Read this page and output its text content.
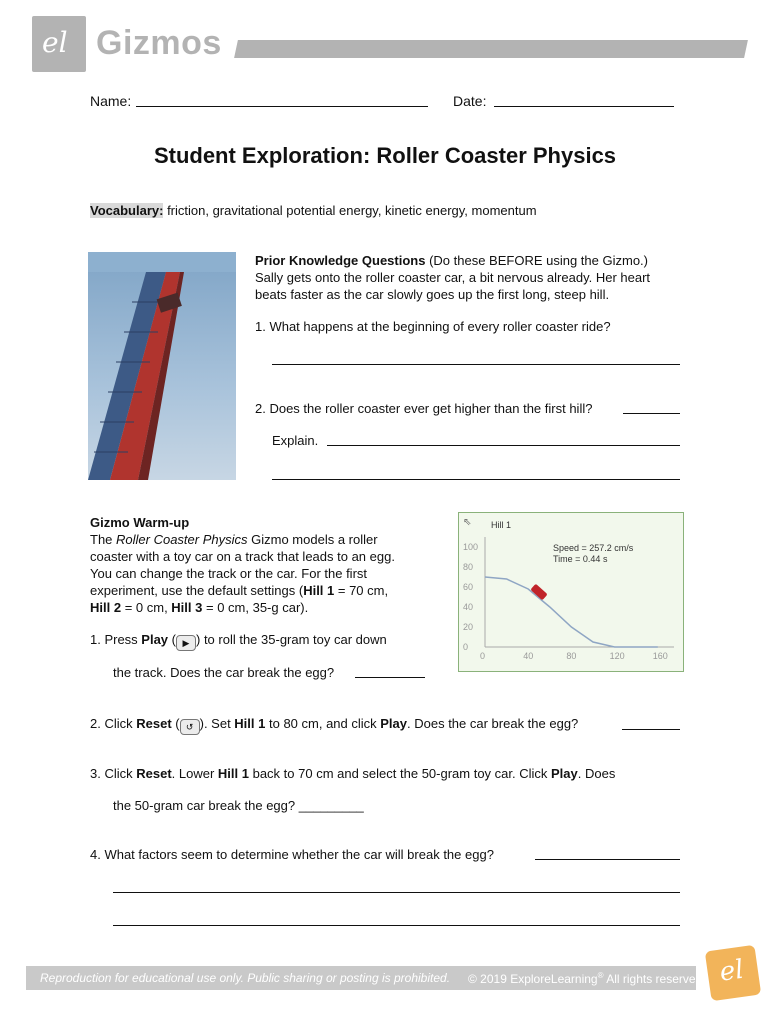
el Gizmos
Name:	Date:
Student Exploration: Roller Coaster Physics
Vocabulary: friction, gravitational potential energy, kinetic energy, momentum
Prior Knowledge Questions (Do these BEFORE using the Gizmo.)
Sally gets onto the roller coaster car, a bit nervous already. Her heart
beats faster as the car slowly goes up the first long, steep hill.
1. What happens at the beginning of every roller coaster ride?
2. Does the roller coaster ever get higher than the first hill?
Explain.
Gizmo Warm-up
The Roller Coaster Physics Gizmo models a roller
coaster with a toy car on a track that leads to an egg.
You can change the track or the car. For the first
experiment, use the default settings (Hill 1 = 70 cm,
Hill 2 = 0 cm, Hill 3 = 0 cm, 35-g car).
1. Press Play ( ▶ ) to roll the 35-gram toy car down
the track. Does the car break the egg?
2. Click Reset ( ↺ ). Set Hill 1 to 80 cm, and click Play. Does the car break the egg?
3. Click Reset. Lower Hill 1 back to 70 cm and select the 50-gram toy car. Click Play. Does
the 50-gram car break the egg? _________
4. What factors seem to determine whether the car will break the egg?
⇖ Hill 1
Speed = 257.2 cm/s
Time = 0.44 s
0
20
40
60
80
100
0	40	80	120	160
Reproduction for educational use only. Public sharing or posting is prohibited. © 2019 ExploreLearning® All rights reserved el
